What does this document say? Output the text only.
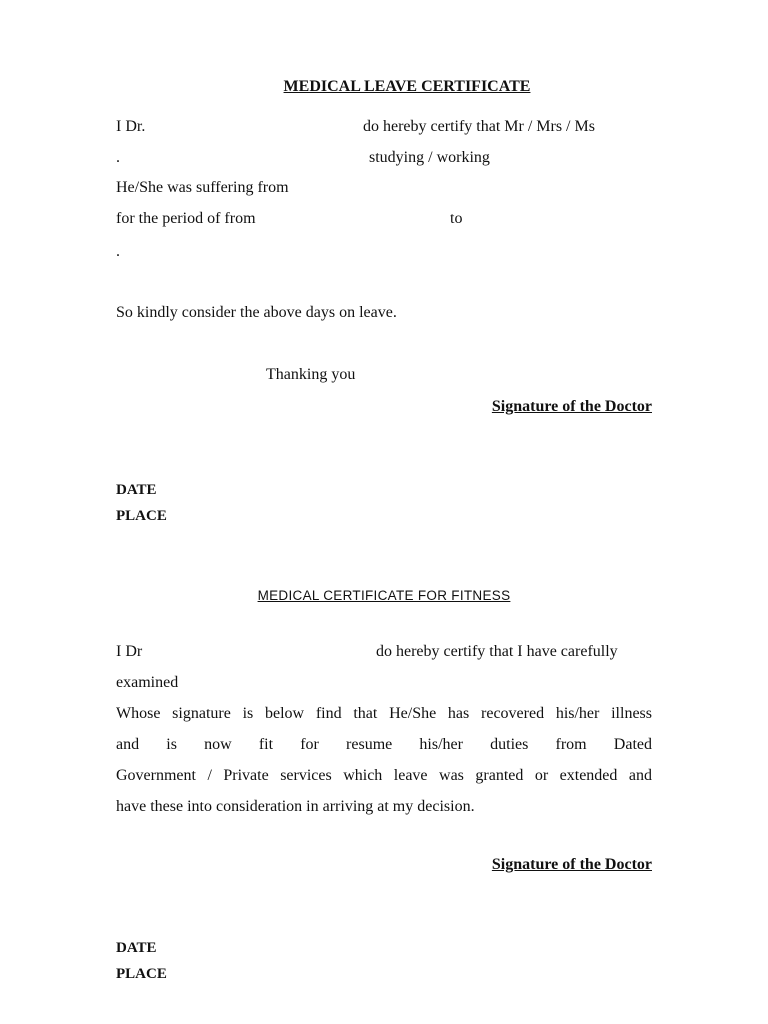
MEDICAL LEAVE CERTIFICATE
I Dr.	do hereby certify that Mr / Mrs / Ms
.	studying / working
He/She was suffering from
for the period of from	to
.
So kindly consider the above days on leave.
Thanking you
Signature of the Doctor
DATE
PLACE
MEDICAL CERTIFICATE FOR FITNESS
I Dr	do hereby certify that I have carefully
examined
Whose signature is below find that He/She has recovered his/her illness
and is now fit for resume his/her duties from Dated
Government / Private services which leave was granted or extended and
have these into consideration in arriving at my decision.
Signature of the Doctor
DATE
PLACE
